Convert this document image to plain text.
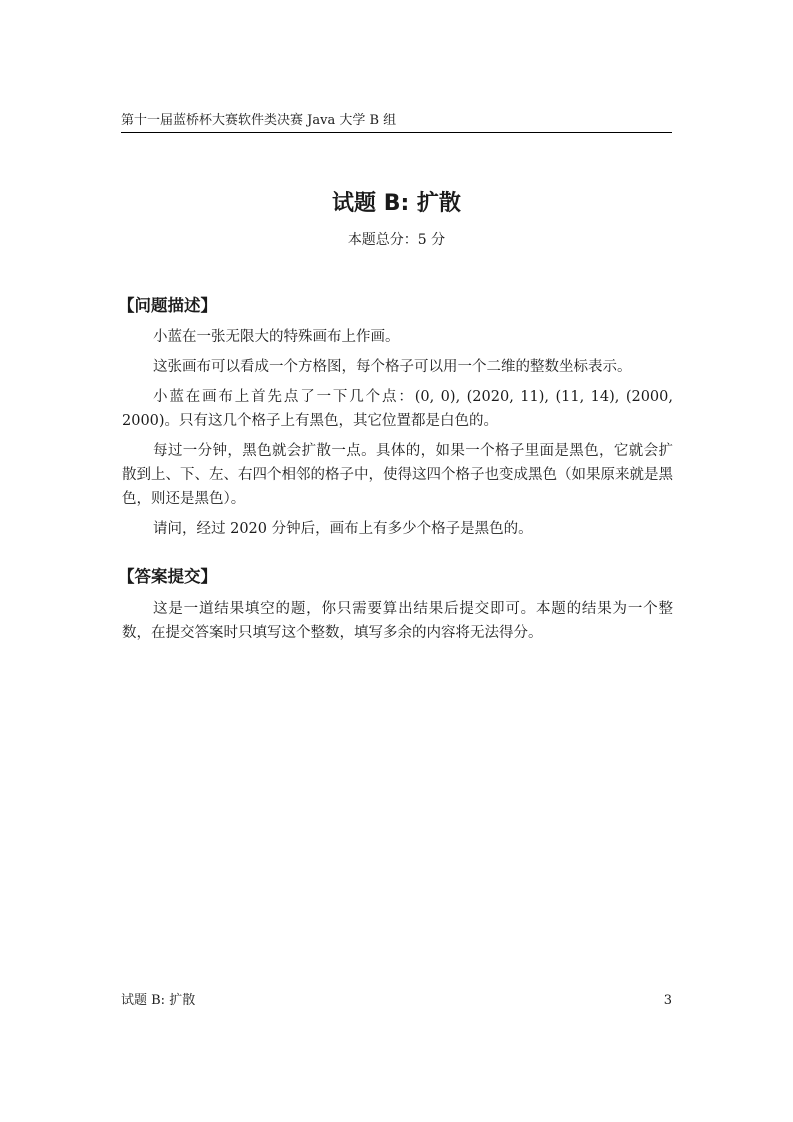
第十一届蓝桥杯大赛软件类决赛 Java 大学 B 组
试题 B: 扩散
本题总分：5 分
【问题描述】

小蓝在一张无限大的特殊画布上作画。

这张画布可以看成一个方格图，每个格子可以用一个二维的整数坐标表示。

小蓝在画布上首先点了一下几个点：(0, 0), (2020, 11), (11, 14), (2000, 2000)。只有这几个格子上有黑色，其它位置都是白色的。

每过一分钟，黑色就会扩散一点。具体的，如果一个格子里面是黑色，它就会扩散到上、下、左、右四个相邻的格子中，使得这四个格子也变成黑色（如果原来就是黑色，则还是黑色）。

请问，经过 2020 分钟后，画布上有多少个格子是黑色的。

【答案提交】

这是一道结果填空的题，你只需要算出结果后提交即可。本题的结果为一个整数，在提交答案时只填写这个整数，填写多余的内容将无法得分。

试题 B: 扩散	3
